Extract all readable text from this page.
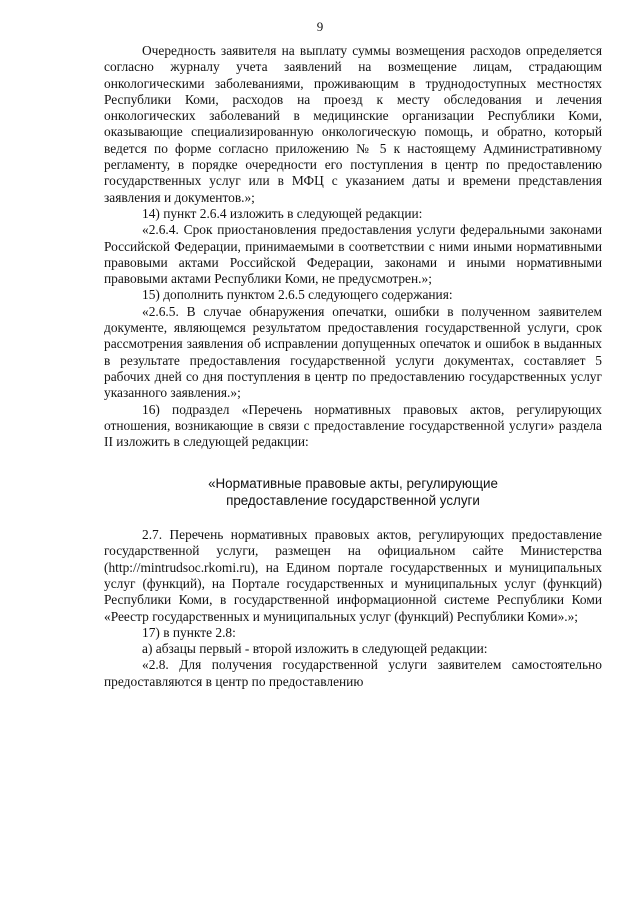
9

Очередность заявителя на выплату суммы возмещения расходов определяется согласно журналу учета заявлений на возмещение лицам, страдающим онкологическими заболеваниями, проживающим в труднодоступных местностях Республики Коми, расходов на проезд к месту обследования и лечения онкологических заболеваний в медицинские организации Республики Коми, оказывающие специализированную онкологическую помощь, и обратно, который ведется по форме согласно приложению № 5 к настоящему Административному регламенту, в порядке очередности его поступления в центр по предоставлению государственных услуг или в МФЦ с указанием даты и времени представления заявления и документов.»;

14) пункт 2.6.4 изложить в следующей редакции:

«2.6.4. Срок приостановления предоставления услуги федеральными законами Российской Федерации, принимаемыми в соответствии с ними иными нормативными правовыми актами Российской Федерации, законами и иными нормативными правовыми актами Республики Коми, не предусмотрен.»;

15) дополнить пунктом 2.6.5 следующего содержания:

«2.6.5. В случае обнаружения опечатки, ошибки в полученном заявителем документе, являющемся результатом предоставления государственной услуги, срок рассмотрения заявления об исправлении допущенных опечаток и ошибок в выданных в результате предоставления государственной услуги документах, составляет 5 рабочих дней со дня поступления в центр по предоставлению государственных услуг указанного заявления.»;

16) подраздел «Перечень нормативных правовых актов, регулирующих отношения, возникающие в связи с предоставление государственной услуги» раздела II изложить в следующей редакции:

«Нормативные правовые акты, регулирующие
предоставление государственной услуги

2.7. Перечень нормативных правовых актов, регулирующих предоставление государственной услуги, размещен на официальном сайте Министерства (http://mintrudsoc.rkomi.ru), на Едином портале государственных и муниципальных услуг (функций), на Портале государственных и муниципальных услуг (функций) Республики Коми, в государственной информационной системе Республики Коми «Реестр государственных и муниципальных услуг (функций) Республики Коми».»;

17) в пункте 2.8:

а) абзацы первый - второй изложить в следующей редакции:

«2.8. Для получения государственной услуги заявителем самостоятельно предоставляются в центр по предоставлению
